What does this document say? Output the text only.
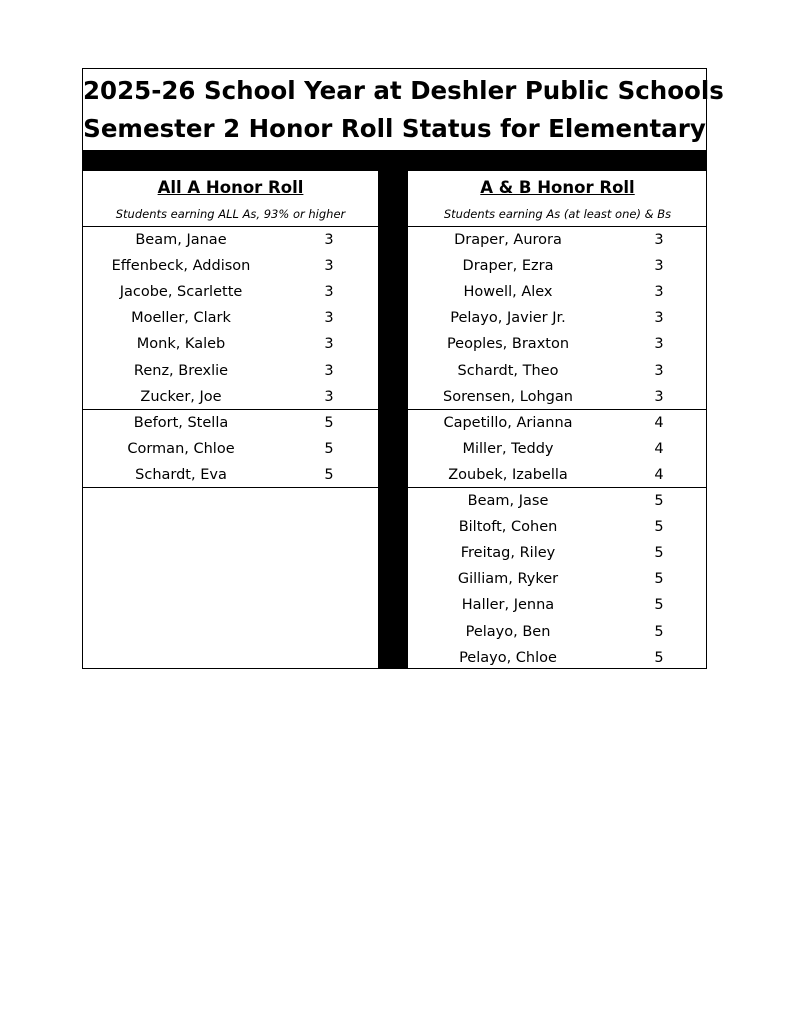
2025-26 School Year at Deshler Public Schools
Semester 2 Honor Roll Status for Elementary
All A Honor Roll
Students earning ALL As, 93% or higher
Beam, Janae	3
Effenbeck, Addison	3
Jacobe, Scarlette	3
Moeller, Clark	3
Monk, Kaleb	3
Renz, Brexlie	3
Zucker, Joe	3
Befort, Stella	5
Corman, Chloe	5
Schardt, Eva	5
A & B Honor Roll
Students earning As (at least one) & Bs
Draper, Aurora	3
Draper, Ezra	3
Howell, Alex	3
Pelayo, Javier Jr.	3
Peoples, Braxton	3
Schardt, Theo	3
Sorensen, Lohgan	3
Capetillo, Arianna	4
Miller, Teddy	4
Zoubek, Izabella	4
Beam, Jase	5
Biltoft, Cohen	5
Freitag, Riley	5
Gilliam, Ryker	5
Haller, Jenna	5
Pelayo, Ben	5
Pelayo, Chloe	5
